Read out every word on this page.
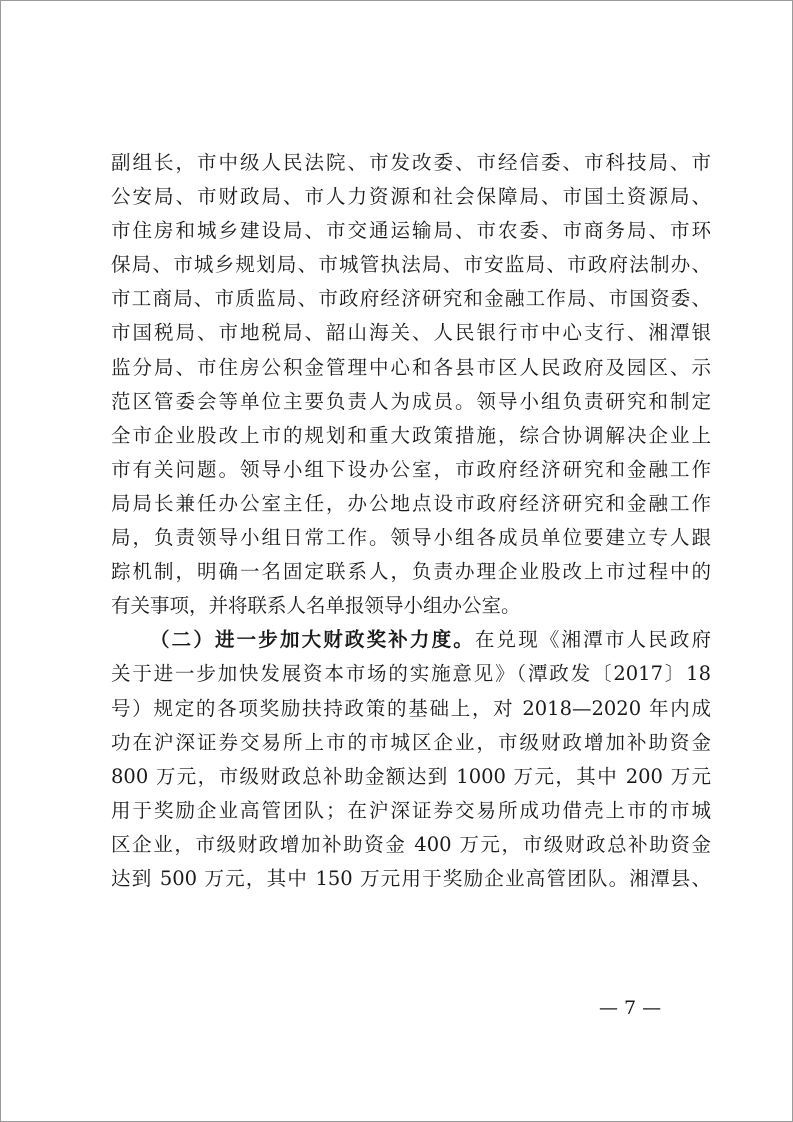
副组长，市中级人民法院、市发改委、市经信委、市科技局、市
公安局、市财政局、市人力资源和社会保障局、市国土资源局、
市住房和城乡建设局、市交通运输局、市农委、市商务局、市环
保局、市城乡规划局、市城管执法局、市安监局、市政府法制办、
市工商局、市质监局、市政府经济研究和金融工作局、市国资委、
市国税局、市地税局、韶山海关、人民银行市中心支行、湘潭银
监分局、市住房公积金管理中心和各县市区人民政府及园区、示
范区管委会等单位主要负责人为成员。领导小组负责研究和制定
全市企业股改上市的规划和重大政策措施，综合协调解决企业上
市有关问题。领导小组下设办公室，市政府经济研究和金融工作
局局长兼任办公室主任，办公地点设市政府经济研究和金融工作
局，负责领导小组日常工作。领导小组各成员单位要建立专人跟
踪机制，明确一名固定联系人，负责办理企业股改上市过程中的
有关事项，并将联系人名单报领导小组办公室。
（二）进一步加大财政奖补力度。在兑现《湘潭市人民政府
关于进一步加快发展资本市场的实施意见》（潭政发〔2017〕18
号）规定的各项奖励扶持政策的基础上，对 2018—2020 年内成
功在沪深证券交易所上市的市城区企业，市级财政增加补助资金
800 万元，市级财政总补助金额达到 1000 万元，其中 200 万元
用于奖励企业高管团队；在沪深证券交易所成功借壳上市的市城
区企业，市级财政增加补助资金 400 万元，市级财政总补助资金
达到 500 万元，其中 150 万元用于奖励企业高管团队。湘潭县、
— 7 —
